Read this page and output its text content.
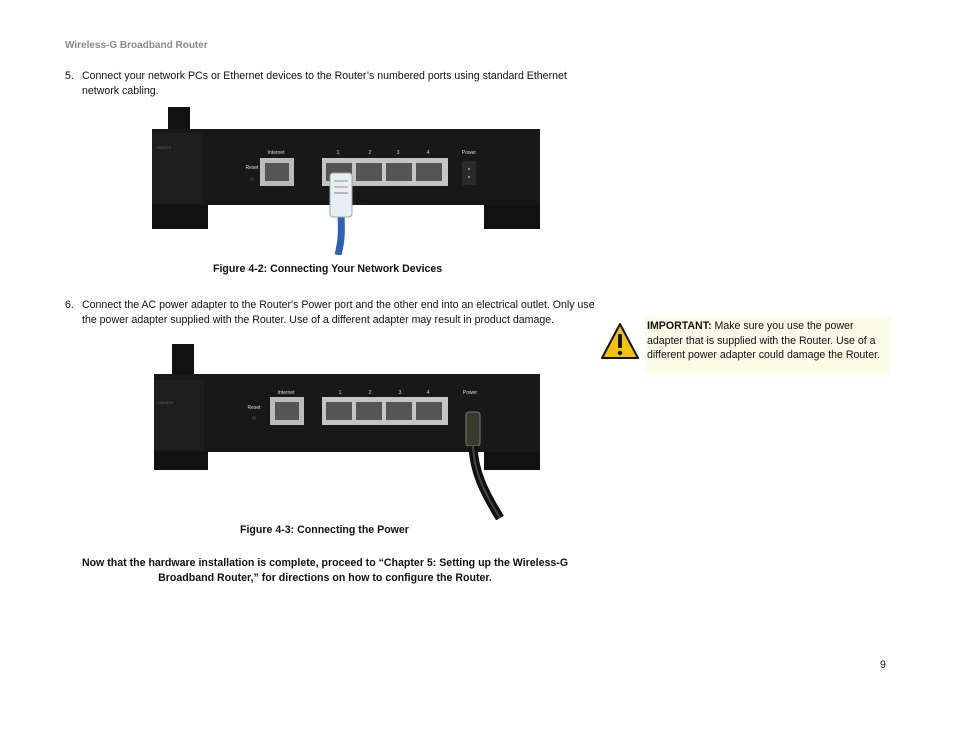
Wireless-G Broadband Router
5. Connect your network PCs or Ethernet devices to the Router’s numbered ports using standard Ethernet network cabling.
LINKSYS
Internet
Reset
Power
1	2	3	4
Figure 4-2: Connecting Your Network Devices
6. Connect the AC power adapter to the Router's Power port and the other end into an electrical outlet. Only use the power adapter supplied with the Router. Use of a different adapter may result in product damage.
LINKSYS
Internet
Reset
Power
1	2	3	4
Figure 4-3: Connecting the Power
IMPORTANT: Make sure you use the power adapter that is supplied with the Router. Use of a different power adapter could damage the Router.
Now that the hardware installation is complete, proceed to “Chapter 5: Setting up the Wireless-G Broadband Router,” for directions on how to configure the Router.
9
